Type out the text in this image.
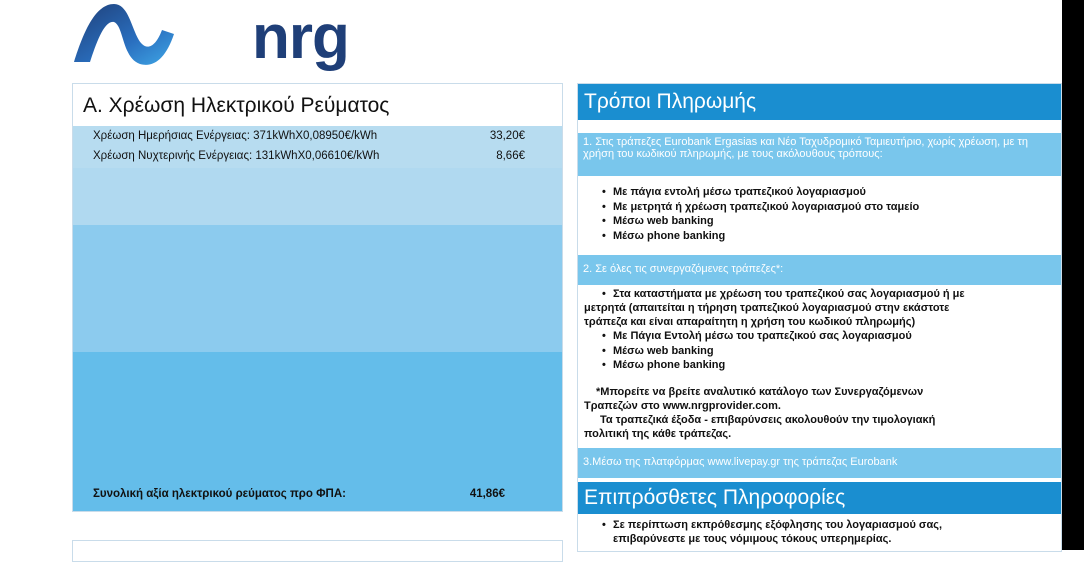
nrg
Α. Χρέωση Ηλεκτρικού Ρεύματος
Χρέωση Ημερήσιας Ενέργειας: 371kWhX0,08950€/kWh	33,20€
Χρέωση Νυχτερινής Ενέργειας: 131kWhX0,06610€/kWh	8,66€
Συνολική αξία ηλεκτρικού ρεύματος προ ΦΠΑ:	41,86€
Τρόποι Πληρωμής
1. Στις τράπεζες Eurobank Ergasias και Νέο Ταχυδρομικό Ταμιευτήριο, χωρίς χρέωση, με τη χρήση του κωδικού πληρωμής, με τους ακόλουθους τρόπους:
• Με πάγια εντολή μέσω τραπεζικού λογαριασμού
• Με μετρητά ή χρέωση τραπεζικού λογαριασμού στο ταμείο
• Μέσω web banking
• Μέσω phone banking
2. Σε όλες τις συνεργαζόμενες τράπεζες*:
• Στα καταστήματα με χρέωση του τραπεζικού σας λογαριασμού ή με
μετρητά (απαιτείται η τήρηση τραπεζικού λογαριασμού στην εκάστοτε
τράπεζα και είναι απαραίτητη η χρήση του κωδικού πληρωμής)
• Με Πάγια Εντολή μέσω του τραπεζικού σας λογαριασμού
• Μέσω web banking
• Μέσω phone banking
*Μπορείτε να βρείτε αναλυτικό κατάλογο των Συνεργαζόμενων
Τραπεζών στο www.nrgprovider.com.
Τα τραπεζικά έξοδα - επιβαρύνσεις ακολουθούν την τιμολογιακή
πολιτική της κάθε τράπεζας.
3.Μέσω της πλατφόρμας www.livepay.gr της τράπεζας Eurobank
Επιπρόσθετες Πληροφορίες
• Σε περίπτωση εκπρόθεσμης εξόφλησης του λογαριασμού σας,
επιβαρύνεστε με τους νόμιμους τόκους υπερημερίας.
